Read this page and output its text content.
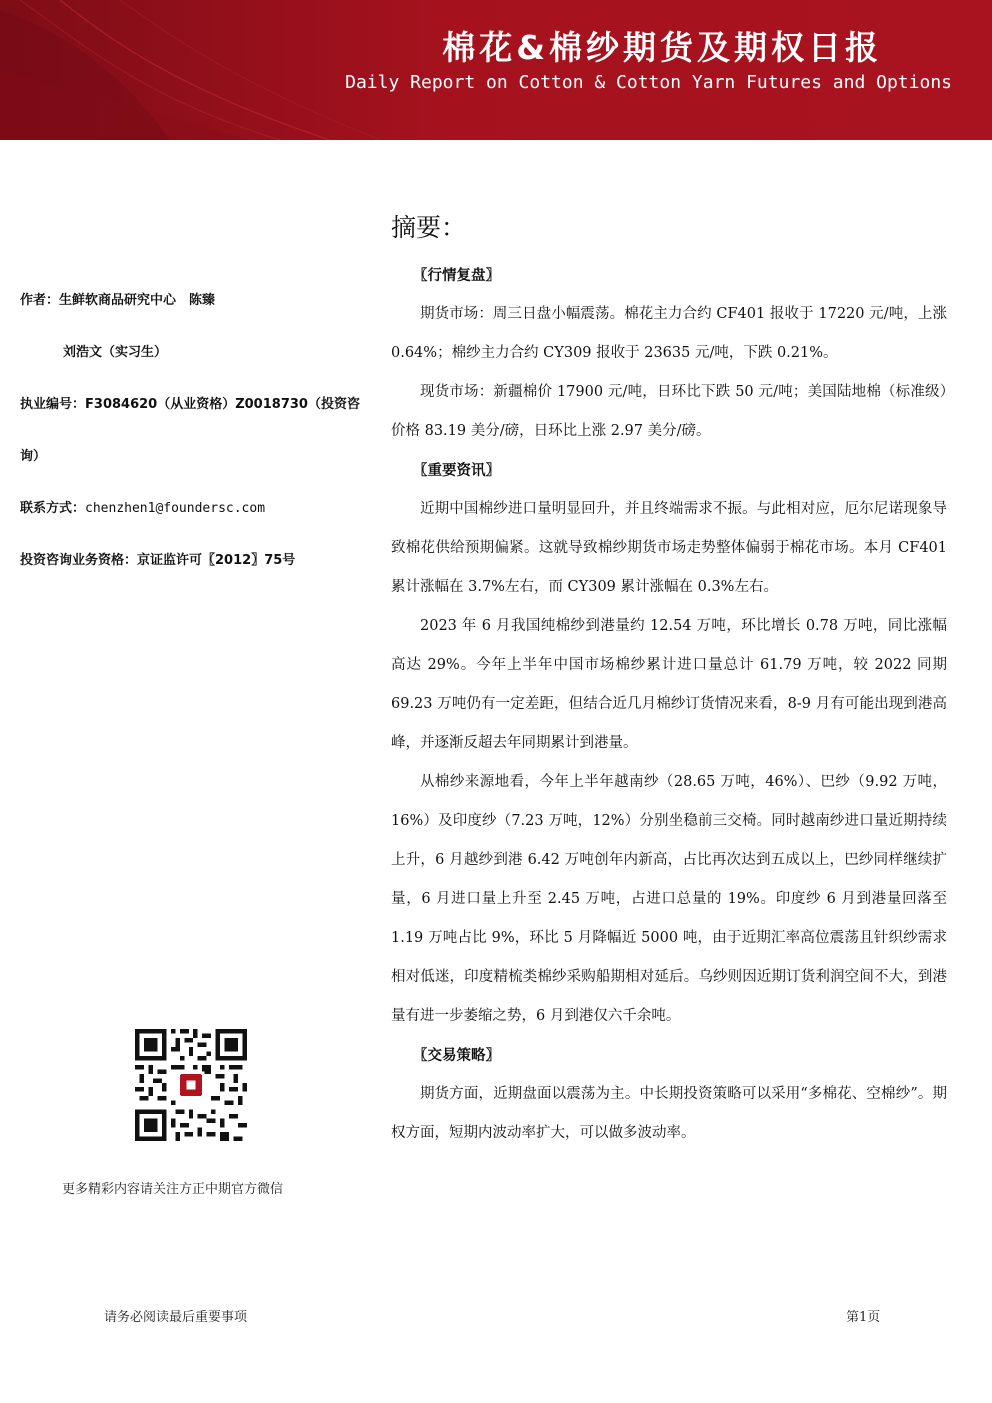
棉花&棉纱期货及期权日报
Daily Report on Cotton & Cotton Yarn Futures and Options
作者：生鲜软商品研究中心　陈臻
刘浩文（实习生）
执业编号：F3084620（从业资格）Z0018730（投资咨
询）
联系方式：chenzhen1@foundersc.com
投资咨询业务资格：京证监许可〖2012〗75号
更多精彩内容请关注方正中期官方微信
摘要：
〖行情复盘〗

期货市场：周三日盘小幅震荡。棉花主力合约 CF401 报收于 17220 元/吨，上涨 0.64%；棉纱主力合约 CY309 报收于 23635 元/吨，下跌 0.21%。

现货市场：新疆棉价 17900 元/吨，日环比下跌 50 元/吨；美国陆地棉（标准级）价格 83.19 美分/磅，日环比上涨 2.97 美分/磅。

〖重要资讯〗

近期中国棉纱进口量明显回升，并且终端需求不振。与此相对应，厄尔尼诺现象导致棉花供给预期偏紧。这就导致棉纱期货市场走势整体偏弱于棉花市场。本月 CF401 累计涨幅在 3.7%左右，而 CY309 累计涨幅在 0.3%左右。

2023 年 6 月我国纯棉纱到港量约 12.54 万吨，环比增长 0.78 万吨，同比涨幅高达 29%。今年上半年中国市场棉纱累计进口量总计 61.79 万吨，较 2022 同期 69.23 万吨仍有一定差距，但结合近几月棉纱订货情况来看，8-9 月有可能出现到港高峰，并逐渐反超去年同期累计到港量。

从棉纱来源地看，今年上半年越南纱（28.65 万吨，46%）、巴纱（9.92 万吨，16%）及印度纱（7.23 万吨，12%）分别坐稳前三交椅。同时越南纱进口量近期持续上升，6 月越纱到港 6.42 万吨创年内新高，占比再次达到五成以上，巴纱同样继续扩量，6 月进口量上升至 2.45 万吨，占进口总量的 19%。印度纱 6 月到港量回落至 1.19 万吨占比 9%，环比 5 月降幅近 5000 吨，由于近期汇率高位震荡且针织纱需求相对低迷，印度精梳类棉纱采购船期相对延后。乌纱则因近期订货利润空间不大，到港量有进一步萎缩之势，6 月到港仅六千余吨。

〖交易策略〗

期货方面，近期盘面以震荡为主。中长期投资策略可以采用“多棉花、空棉纱”。期权方面，短期内波动率扩大，可以做多波动率。

请务必阅读最后重要事项	第1页
